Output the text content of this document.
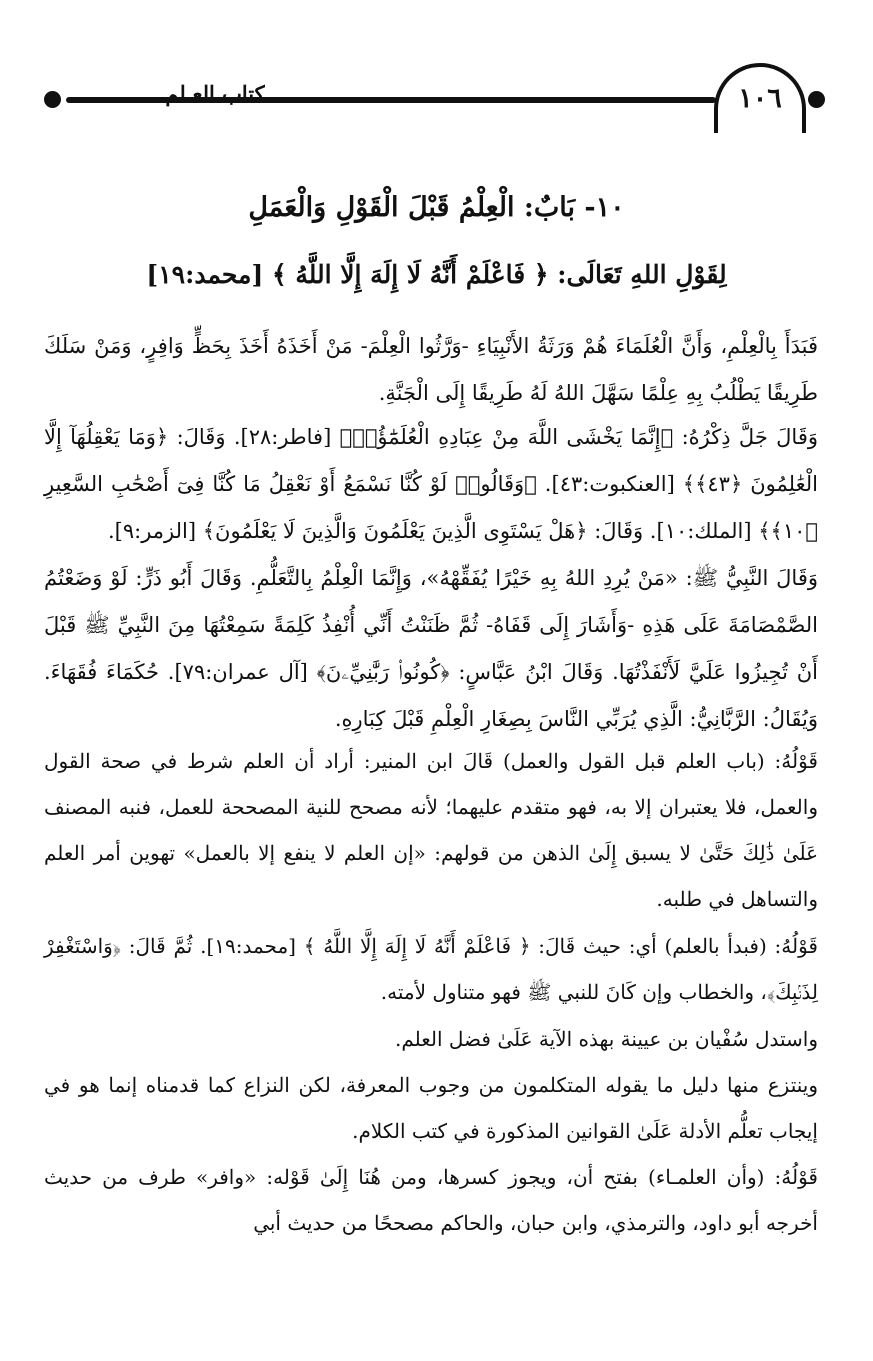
١٠٦
كتاب العـلم
١٠- بَابٌ: الْعِلْمُ قَبْلَ الْقَوْلِ وَالْعَمَلِ
لِقَوْلِ اللهِ تَعَالَى: ﴿ فَاعْلَمْ أَنَّهُ لَا إِلَهَ إِلَّا اللَّهُ ﴾ [محمد:١٩]
فَبَدَأَ بِالْعِلْمِ، وَأَنَّ الْعُلَمَاءَ هُمْ وَرَثَةُ الأَنْبِيَاءِ -وَرَّثُوا الْعِلْمَ- مَنْ أَخَذَهُ أَخَذَ بِحَظٍّ وَافِرٍ، وَمَنْ سَلَكَ طَرِيقًا يَطْلُبُ بِهِ عِلْمًا سَهَّلَ اللهُ لَهُ طَرِيقًا إِلَى الْجَنَّةِ.
وَقَالَ جَلَّ ذِكْرُهُ: ﴿إِنَّمَا يَخْشَى اللَّهَ مِنْ عِبَادِهِ الْعُلَمَٰٓؤُا۟﴾ [فاطر:٢٨]. وَقَالَ: ﴿وَمَا يَعْقِلُهَآ إِلَّا الْعَٰلِمُونَ ﴿٤٣﴾﴾ [العنكبوت:٤٣]. ﴿وَقَالُوا۟ لَوْ كُنَّا نَسْمَعُ أَوْ نَعْقِلُ مَا كُنَّا فِىٓ أَصْحَٰبِ السَّعِيرِ ﴿١٠﴾﴾ [الملك:١٠]. وَقَالَ: ﴿هَلْ يَسْتَوِى الَّذِينَ يَعْلَمُونَ وَالَّذِينَ لَا يَعْلَمُونَ﴾ [الزمر:٩].
وَقَالَ النَّبِيُّ ﷺ: «مَنْ يُرِدِ اللهُ بِهِ خَيْرًا يُفَقِّهْهُ»، وَإِنَّمَا الْعِلْمُ بِالتَّعَلُّمِ. وَقَالَ أَبُو ذَرٍّ: لَوْ وَضَعْتُمُ الصَّمْصَامَةَ عَلَى هَذِهِ -وَأَشَارَ إِلَى قَفَاهُ- ثُمَّ ظَنَنْتُ أَنِّي أُنْفِذُ كَلِمَةً سَمِعْتُهَا مِنَ النَّبِيِّ ﷺ قَبْلَ أَنْ تُجِيزُوا عَلَيَّ لَأَنْفَذْتُهَا. وَقَالَ ابْنُ عَبَّاسٍ: ﴿كُونُوا۟ رَبَّٰنِيِّۦنَ﴾ [آل عمران:٧٩]. حُكَمَاءَ فُقَهَاءَ. وَيُقَالُ: الرَّبَّانِيُّ: الَّذِي يُرَبِّي النَّاسَ بِصِغَارِ الْعِلْمِ قَبْلَ كِبَارِهِ.
قَوْلُهُ: (باب العلم قبل القول والعمل) قَالَ ابن المنير: أراد أن العلم شرط في صحة القول والعمل، فلا يعتبران إلا به، فهو متقدم عليهما؛ لأنه مصحح للنية المصححة للعمل، فنبه المصنف عَلَىٰ ذَٰلِكَ حَتَّىٰ لا يسبق إِلَىٰ الذهن من قولهم: «إن العلم لا ينفع إلا بالعمل» تهوين أمر العلم والتساهل في طلبه.
قَوْلُهُ: (فبدأ بالعلم) أي: حيث قَالَ: ﴿ فَاعْلَمْ أَنَّهُ لَا إِلَهَ إِلَّا اللَّهُ ﴾ [محمد:١٩]. ثُمَّ قَالَ: ﴿وَاسْتَغْفِرْ لِذَنۢبِكَ﴾، والخطاب وإن كَانَ للنبي ﷺ فهو متناول لأمته.
واستدل سُفْيان بن عيينة بهذه الآية عَلَىٰ فضل العلم.
وينتزع منها دليل ما يقوله المتكلمون من وجوب المعرفة، لكن النزاع كما قدمناه إنما هو في إيجاب تعلُّم الأدلة عَلَىٰ القوانين المذكورة في كتب الكلام.
قَوْلُهُ: (وأن العلمـاء) بفتح أن، ويجوز كسرها، ومن هُنَا إِلَىٰ قَوْله: «وافر» طرف من حديث أخرجه أبو داود، والترمذي، وابن حبان، والحاكم مصححًا من حديث أبي
